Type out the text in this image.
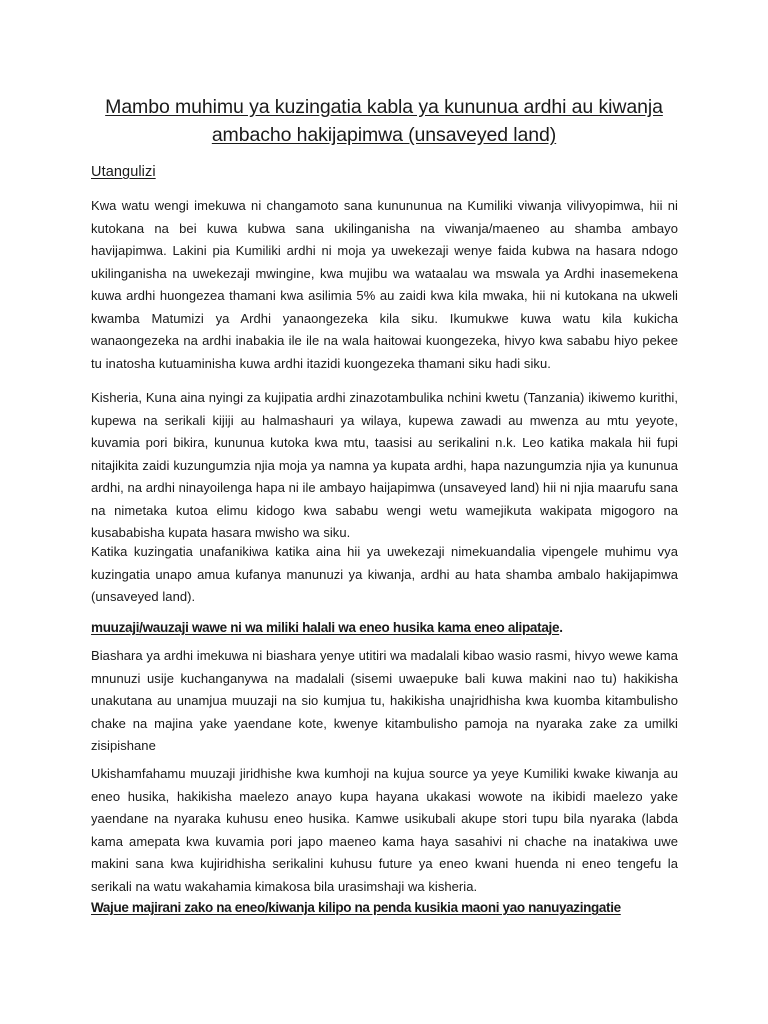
Mambo muhimu ya kuzingatia kabla ya kununua ardhi au kiwanja ambacho hakijapimwa (unsaveyed land)
Utangulizi

Kwa watu wengi imekuwa ni changamoto sana kunununua na Kumiliki viwanja vilivyopimwa, hii ni kutokana na bei kuwa kubwa sana ukilinganisha na viwanja/maeneo au shamba ambayo havijapimwa. Lakini pia Kumiliki ardhi ni moja ya uwekezaji wenye faida kubwa na hasara ndogo ukilinganisha na uwekezaji mwingine, kwa mujibu wa wataalau wa mswala ya Ardhi inasemekena kuwa ardhi huongezea thamani kwa asilimia 5% au zaidi kwa kila mwaka, hii ni kutokana na ukweli kwamba Matumizi ya Ardhi yanaongezeka kila siku. Ikumukwe kuwa watu kila kukicha wanaongezeka na ardhi inabakia ile ile na wala haitowai kuongezeka, hivyo kwa sababu hiyo pekee tu inatosha kutuaminisha kuwa ardhi itazidi kuongezeka thamani siku hadi siku.

Kisheria, Kuna aina nyingi za kujipatia ardhi zinazotambulika nchini kwetu (Tanzania) ikiwemo kurithi, kupewa na serikali kijiji au halmashauri ya wilaya, kupewa zawadi au mwenza au mtu yeyote, kuvamia pori bikira, kununua kutoka kwa mtu, taasisi au serikalini n.k. Leo katika makala hii fupi nitajikita zaidi kuzungumzia njia moja ya namna ya kupata ardhi, hapa nazungumzia njia ya kununua ardhi, na ardhi ninayoilenga hapa ni ile ambayo haijapimwa (unsaveyed land) hii ni njia maarufu sana na nimetaka kutoa elimu kidogo kwa sababu wengi wetu wamejikuta wakipata migogoro na kusababisha kupata hasara mwisho wa siku.

Katika kuzingatia unafanikiwa katika aina hii ya uwekezaji nimekuandalia vipengele muhimu vya kuzingatia unapo amua kufanya manunuzi ya kiwanja, ardhi au hata shamba ambalo hakijapimwa (unsaveyed land).

muuzaji/wauzaji wawe ni wa miliki halali wa eneo husika kama eneo alipataje.

Biashara ya ardhi imekuwa ni biashara yenye utitiri wa madalali kibao wasio rasmi, hivyo wewe kama mnunuzi usije kuchanganywa na madalali (sisemi uwaepuke bali kuwa makini nao tu) hakikisha unakutana au unamjua muuzaji na sio kumjua tu, hakikisha unajridhisha kwa kuomba kitambulisho chake na majina yake yaendane kote, kwenye kitambulisho pamoja na nyaraka zake za umilki zisipishane

Ukishamfahamu muuzaji jiridhishe kwa kumhoji na kujua source ya yeye Kumiliki kwake kiwanja au eneo husika, hakikisha maelezo anayo kupa hayana ukakasi wowote na ikibidi maelezo yake yaendane na nyaraka kuhusu eneo husika. Kamwe usikubali akupe stori tupu bila nyaraka (labda kama amepata kwa kuvamia pori japo maeneo kama haya sasahivi ni chache na inatakiwa uwe makini sana kwa kujiridhisha serikalini kuhusu future ya eneo kwani huenda ni eneo tengefu la serikali na watu wakahamia kimakosa bila urasimshaji wa kisheria.

Wajue majirani zako na eneo/kiwanja kilipo na penda kusikia maoni yao nanuyazingatie
